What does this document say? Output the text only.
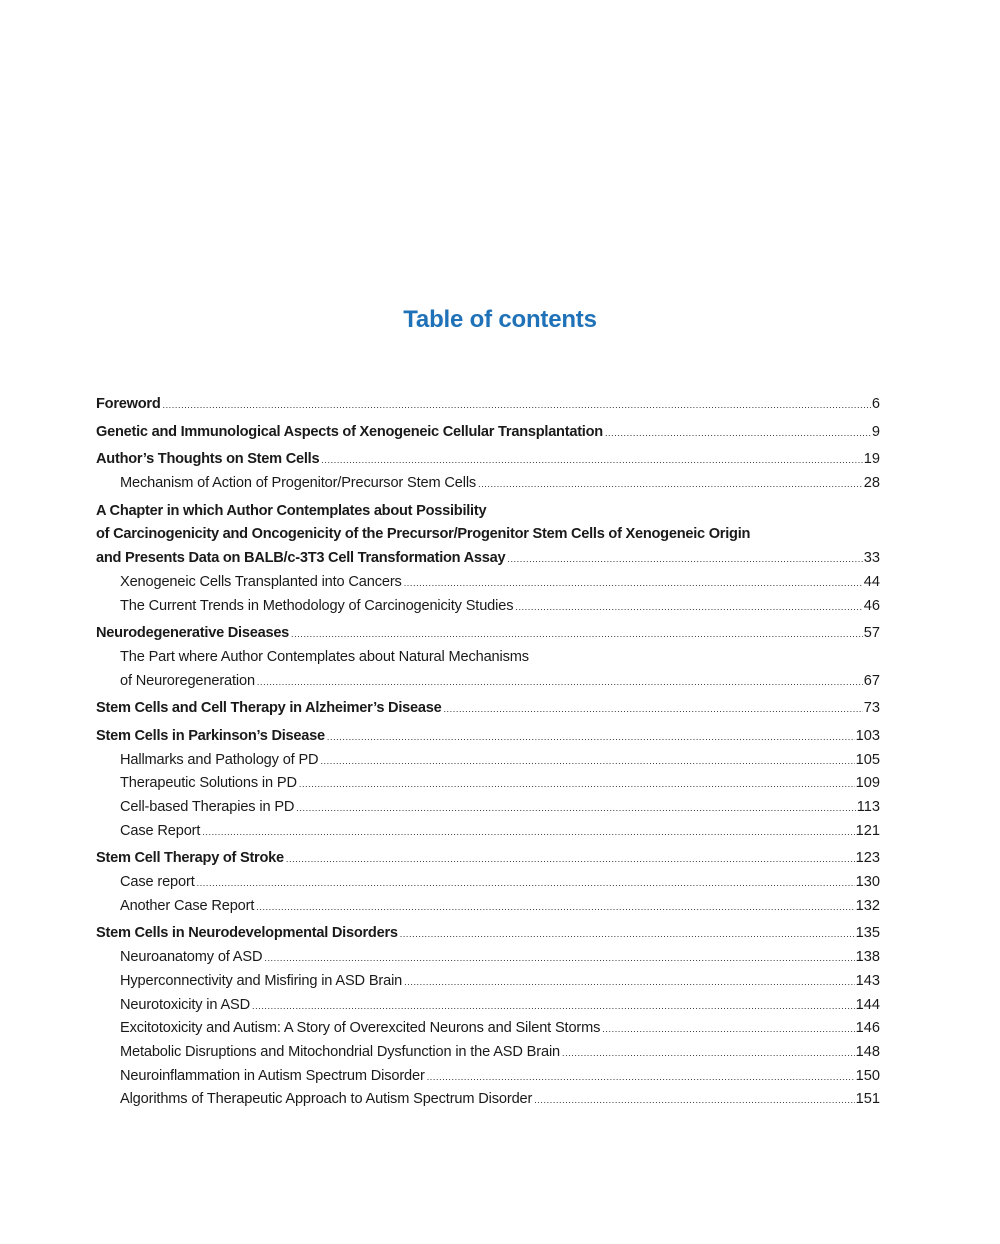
Table of contents
Foreword .....	6
Genetic and Immunological Aspects of Xenogeneic Cellular Transplantation .....	9
Author’s Thoughts on Stem Cells .....	19
Mechanism of Action of Progenitor/Precursor Stem Cells .....	28
A Chapter in which Author Contemplates about Possibility
of Carcinogenicity and Oncogenicity of the Precursor/Progenitor Stem Cells of Xenogeneic Origin
and Presents Data on BALB/c-3T3 Cell Transformation Assay .....	33
Xenogeneic Cells Transplanted into Cancers .....	44
The Current Trends in Methodology of Carcinogenicity Studies .....	46
Neurodegenerative Diseases .....	57
The Part where Author Contemplates about Natural Mechanisms
of Neuroregeneration .....	67
Stem Cells and Cell Therapy in Alzheimer’s Disease .....	73
Stem Cells in Parkinson’s Disease .....	103
Hallmarks and Pathology of PD .....	105
Therapeutic Solutions in PD .....	109
Cell-based Therapies in PD .....	113
Case Report .....	121
Stem Cell Therapy of Stroke .....	123
Case report .....	130
Another Case Report .....	132
Stem Cells in Neurodevelopmental Disorders .....	135
Neuroanatomy of ASD .....	138
Hyperconnectivity and Misfiring in ASD Brain .....	143
Neurotoxicity in ASD .....	144
Excitotoxicity and Autism: A Story of Overexcited Neurons and Silent Storms .....	146
Metabolic Disruptions and Mitochondrial Dysfunction in the ASD Brain .....	148
Neuroinflammation in Autism Spectrum Disorder .....	150
Algorithms of Therapeutic Approach to Autism Spectrum Disorder .....	151
